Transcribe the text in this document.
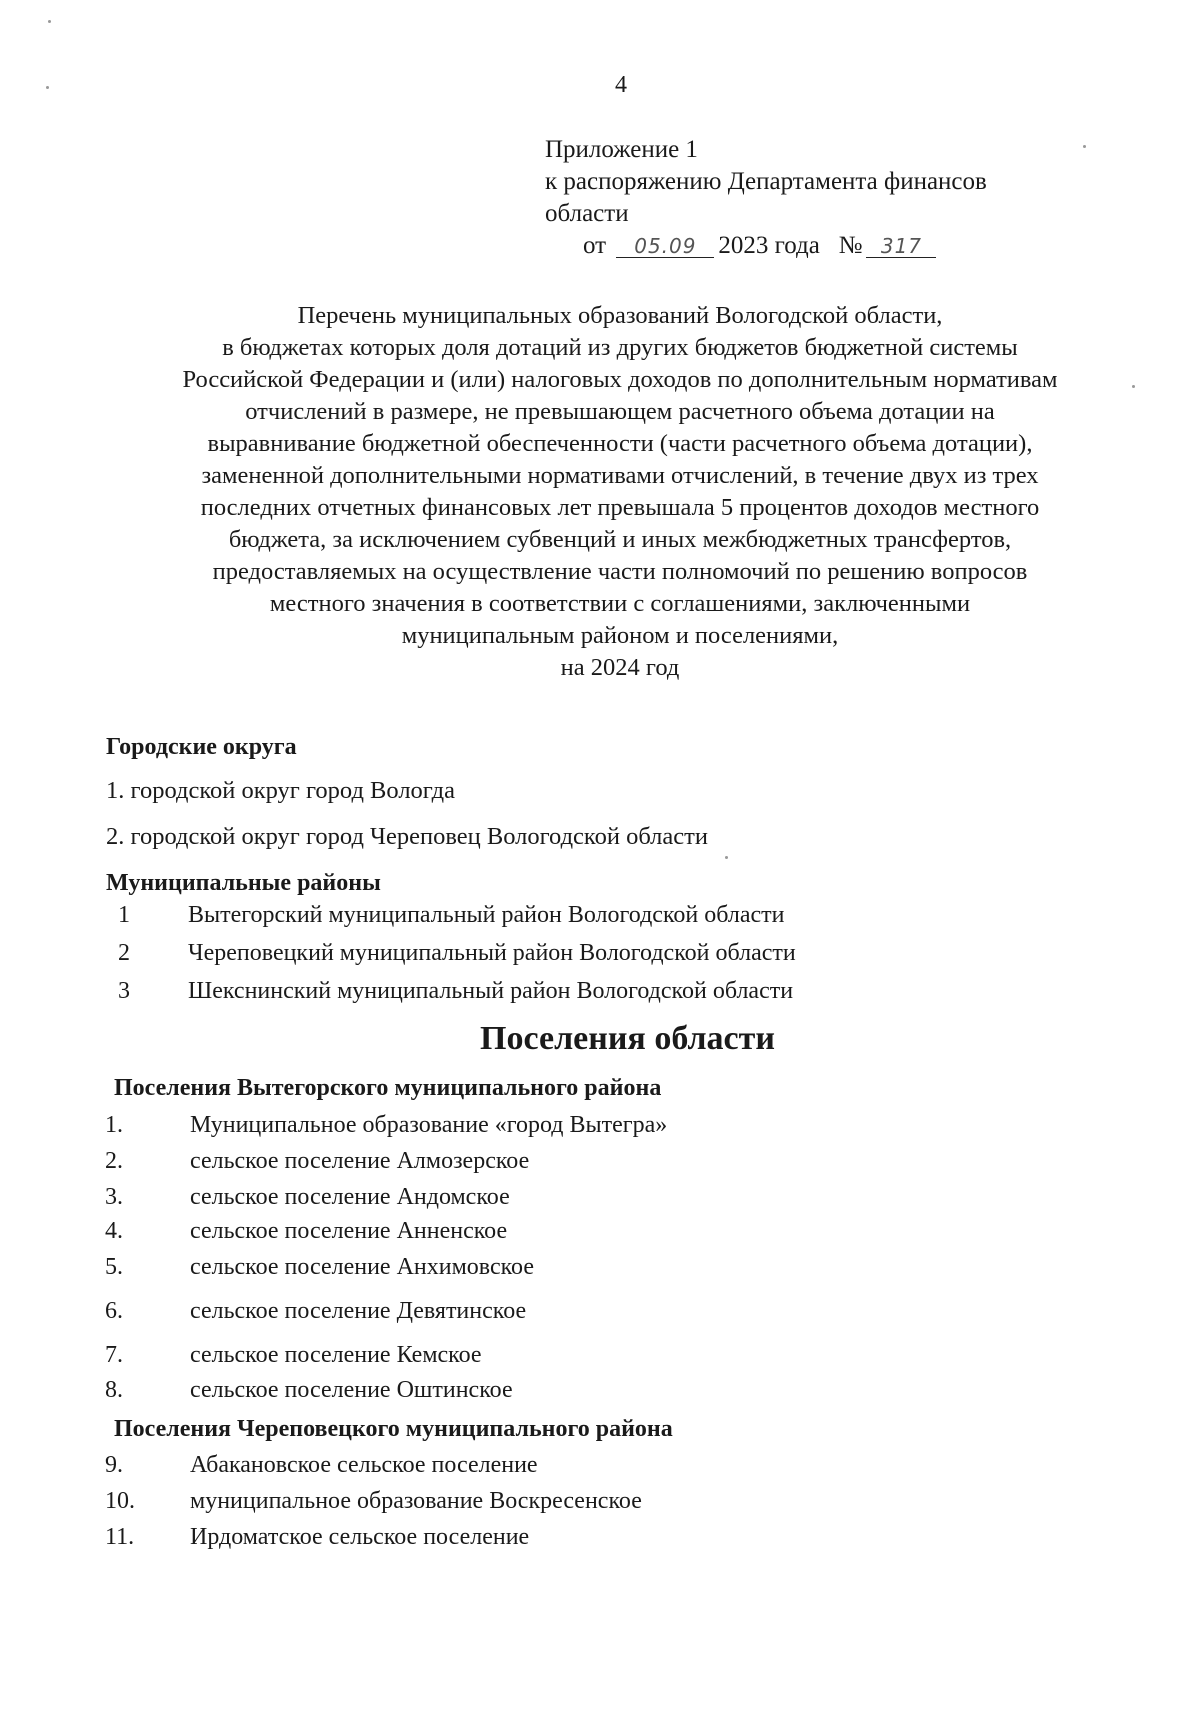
4
Приложение 1
к распоряжению Департамента финансов
области
от 05.09 2023 года № 317
Перечень муниципальных образований Вологодской области,
в бюджетах которых доля дотаций из других бюджетов бюджетной системы
Российской Федерации и (или) налоговых доходов по дополнительным нормативам
отчислений в размере, не превышающем расчетного объема дотации на
выравнивание бюджетной обеспеченности (части расчетного объема дотации),
замененной дополнительными нормативами отчислений, в течение двух из трех
последних отчетных финансовых лет превышала 5 процентов доходов местного
бюджета, за исключением субвенций и иных межбюджетных трансфертов,
предоставляемых на осуществление части полномочий по решению вопросов
местного значения в соответствии с соглашениями, заключенными
муниципальным районом и поселениями,
на 2024 год
Городские округа
1. городской округ город Вологда
2. городской округ город Череповец Вологодской области
Муниципальные районы
1 Вытегорский муниципальный район Вологодской области
2 Череповецкий муниципальный район Вологодской области
3 Шекснинский муниципальный район Вологодской области
Поселения области
Поселения Вытегорского муниципального района
1.	Муниципальное образование «город Вытегра»
2.	сельское поселение Алмозерское
3.	сельское поселение Андомское
4.	сельское поселение Анненское
5.	сельское поселение Анхимовское
6.	сельское поселение Девятинское
7.	сельское поселение Кемское
8.	сельское поселение Оштинское
Поселения Череповецкого муниципального района
9.	Абакановское сельское поселение
10. муниципальное образование Воскресенское
11. Ирдоматское сельское поселение
